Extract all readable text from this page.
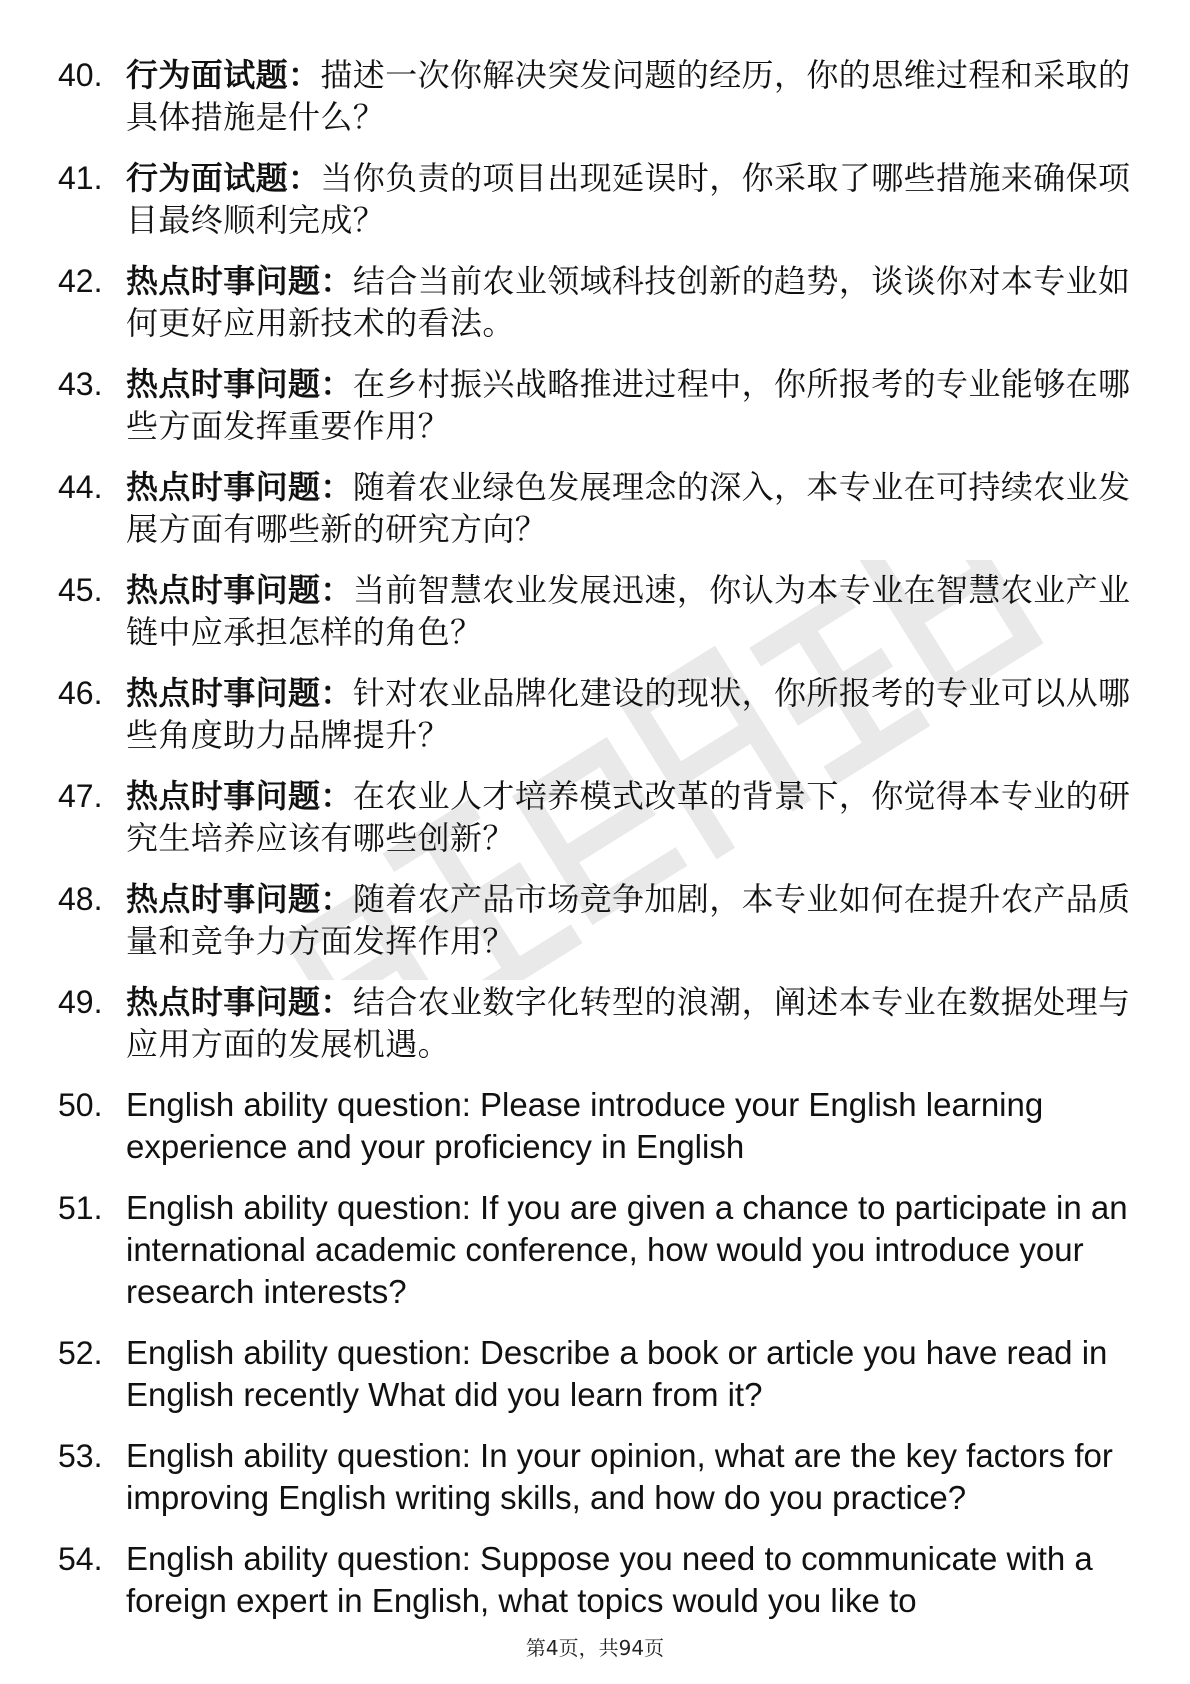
40. 行为面试题：描述一次你解决突发问题的经历，你的思维过程和采取的具体措施是什么？
41. 行为面试题：当你负责的项目出现延误时，你采取了哪些措施来确保项目最终顺利完成？
42. 热点时事问题：结合当前农业领域科技创新的趋势，谈谈你对本专业如何更好应用新技术的看法。
43. 热点时事问题：在乡村振兴战略推进过程中，你所报考的专业能够在哪些方面发挥重要作用？
44. 热点时事问题：随着农业绿色发展理念的深入，本专业在可持续农业发展方面有哪些新的研究方向？
45. 热点时事问题：当前智慧农业发展迅速，你认为本专业在智慧农业产业链中应承担怎样的角色？
46. 热点时事问题：针对农业品牌化建设的现状，你所报考的专业可以从哪些角度助力品牌提升？
47. 热点时事问题：在农业人才培养模式改革的背景下，你觉得本专业的研究生培养应该有哪些创新？
48. 热点时事问题：随着农产品市场竞争加剧，本专业如何在提升农产品质量和竞争力方面发挥作用？
49. 热点时事问题：结合农业数字化转型的浪潮，阐述本专业在数据处理与应用方面的发展机遇。
50. English ability question: Please introduce your English learning experience and your proficiency in English
51. English ability question: If you are given a chance to participate in an international academic conference, how would you introduce your research interests?
52. English ability question: Describe a book or article you have read in English recently What did you learn from it?
53. English ability question: In your opinion, what are the key factors for improving English writing skills, and how do you practice?
54. English ability question: Suppose you need to communicate with a foreign expert in English, what topics would you like to
第4页，共94页
